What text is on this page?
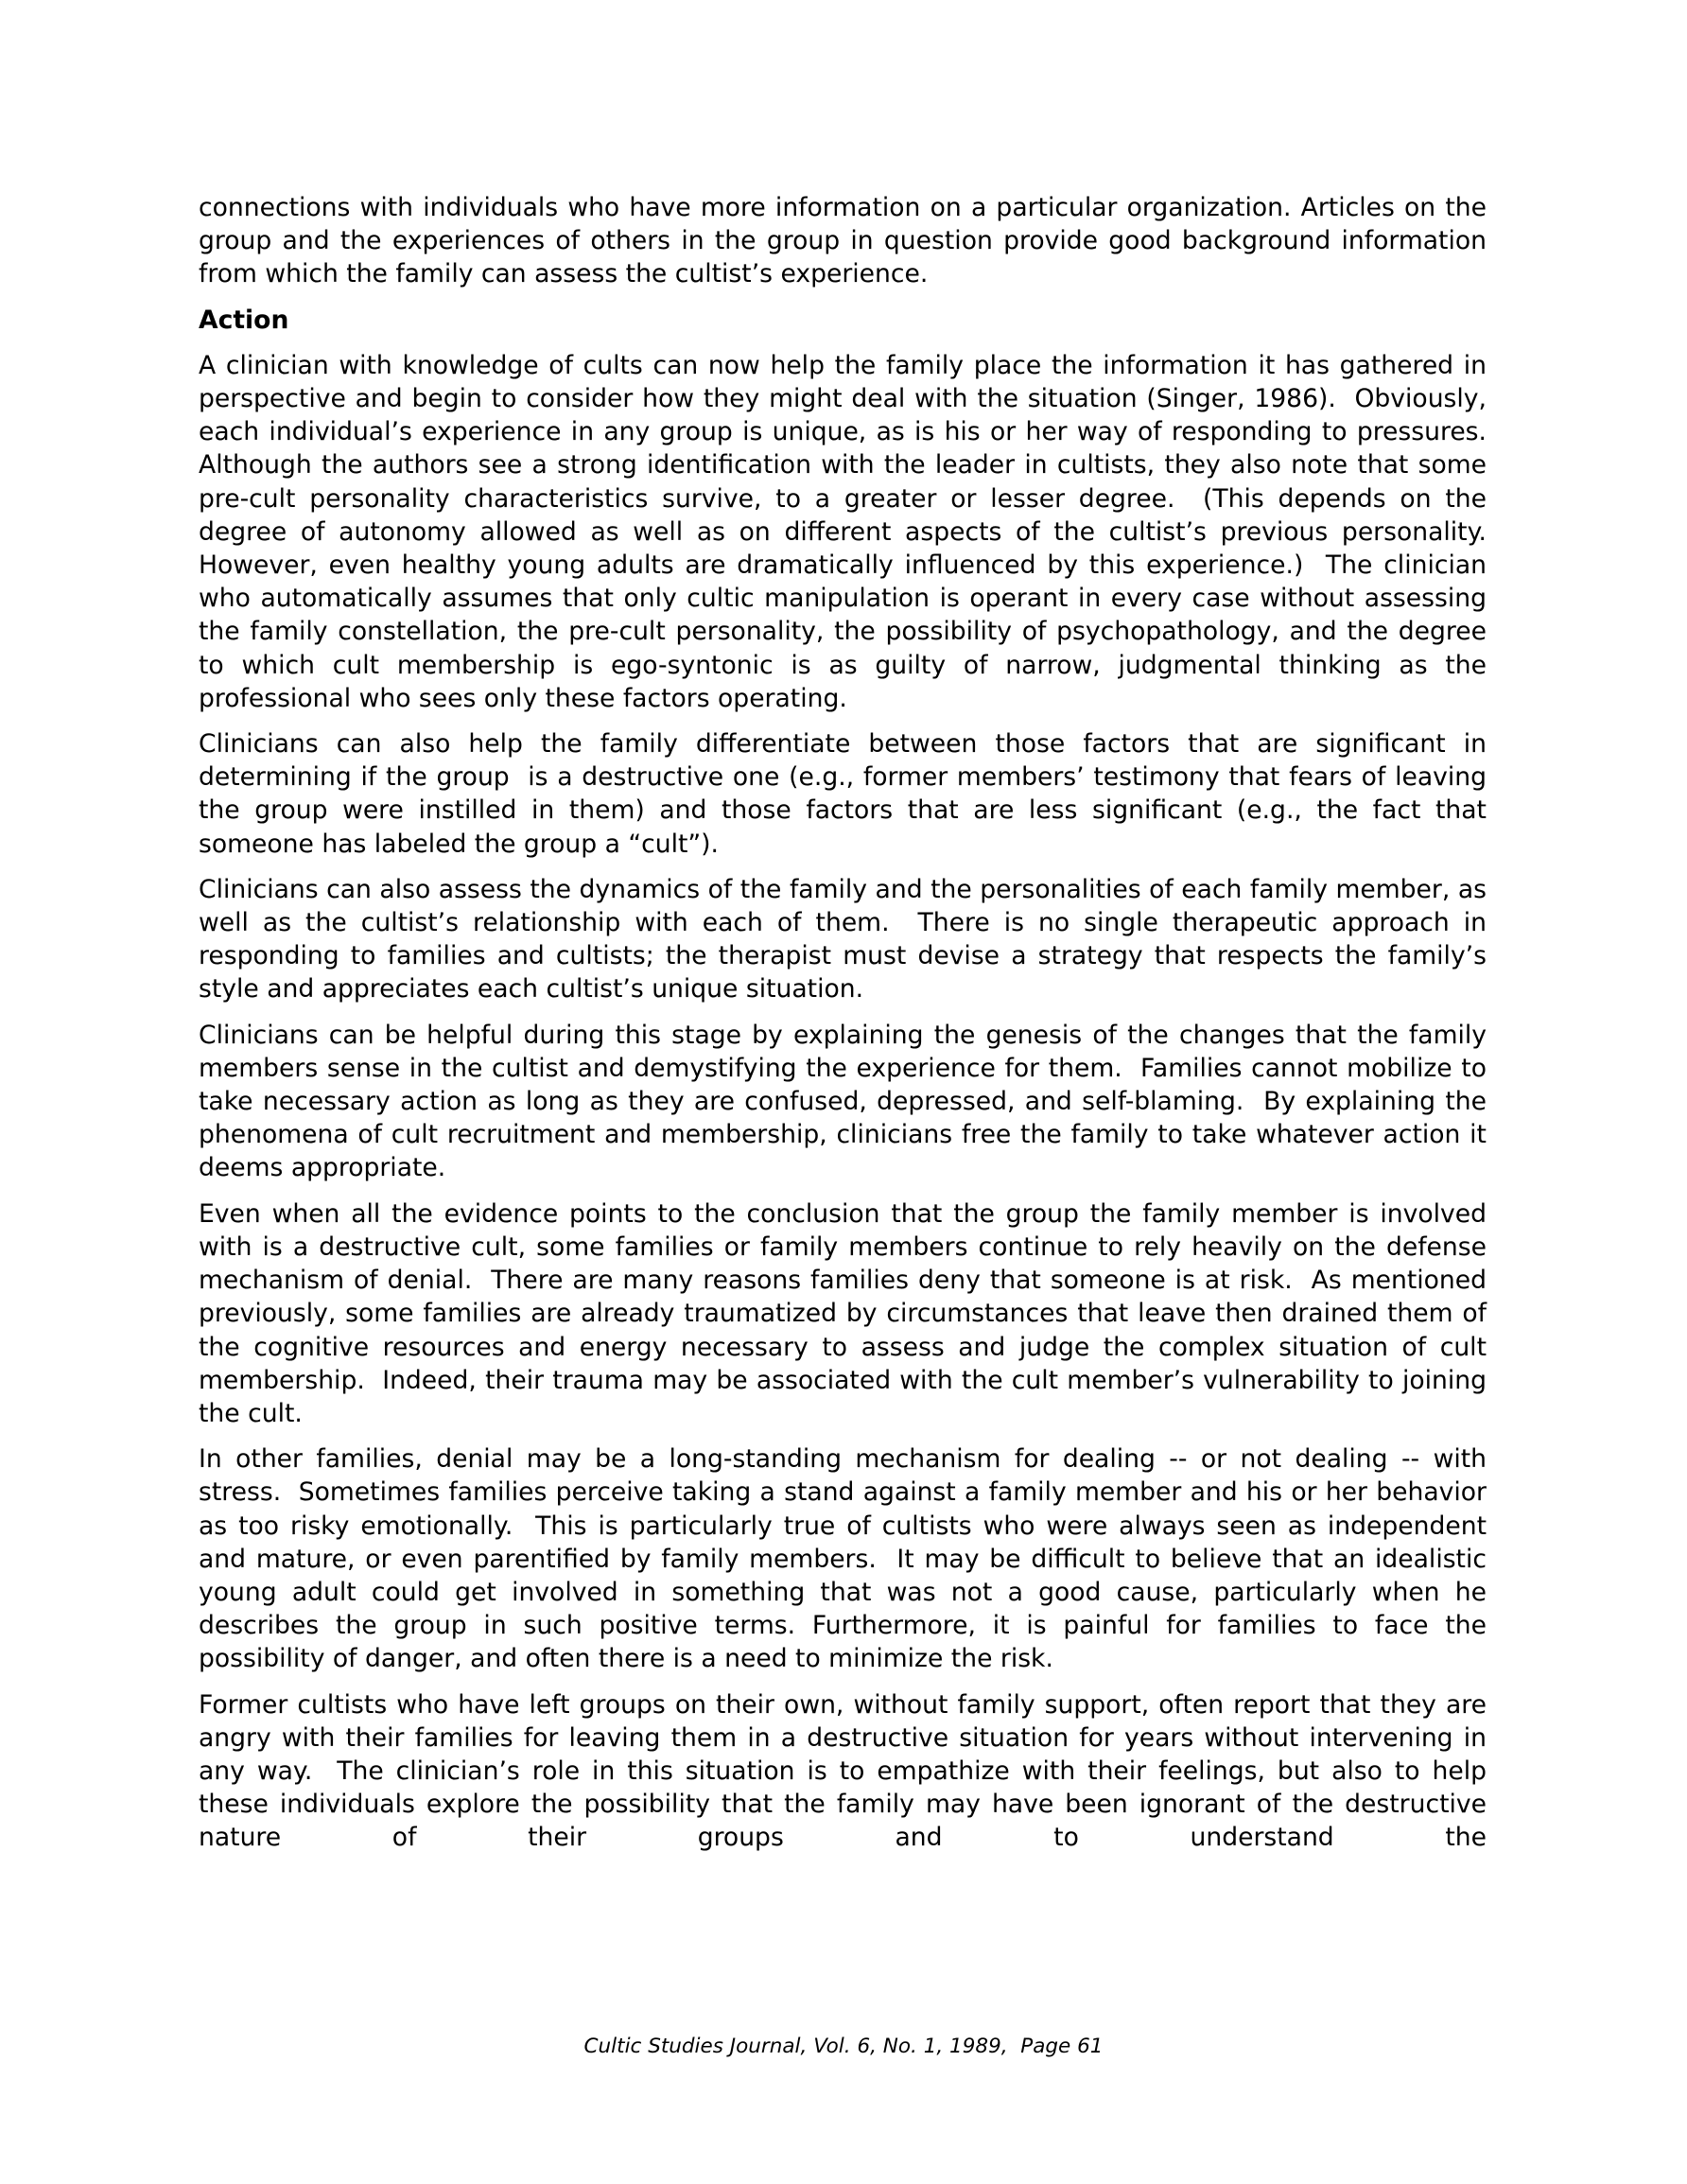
connections with individuals who have more information on a particular organization. Articles on the group and the experiences of others in the group in question provide good background information from which the family can assess the cultist’s experience.

Action

A clinician with knowledge of cults can now help the family place the information it has gathered in perspective and begin to consider how they might deal with the situation (Singer, 1986).  Obviously, each individual’s experience in any group is unique, as is his or her way of responding to pressures.  Although the authors see a strong identification with the leader in cultists, they also note that some pre-cult personality characteristics survive, to a greater or lesser degree.  (This depends on the degree of autonomy allowed as well as on different aspects of the cultist’s previous personality.  However, even healthy young adults are dramatically influenced by this experience.)  The clinician who automatically assumes that only cultic manipulation is operant in every case without assessing the family constellation, the pre-cult personality, the possibility of psychopathology, and the degree to which cult membership is ego-syntonic is as guilty of narrow, judgmental thinking as the professional who sees only these factors operating.

Clinicians can also help the family differentiate between those factors that are significant in determining if the group  is a destructive one (e.g., former members’ testimony that fears of leaving the group were instilled in them) and those factors that are less significant (e.g., the fact that someone has labeled the group a “cult”).

Clinicians can also assess the dynamics of the family and the personalities of each family member, as well as the cultist’s relationship with each of them.  There is no single therapeutic approach in responding to families and cultists; the therapist must devise a strategy that respects the family’s style and appreciates each cultist’s unique situation.

Clinicians can be helpful during this stage by explaining the genesis of the changes that the family members sense in the cultist and demystifying the experience for them.  Families cannot mobilize to take necessary action as long as they are confused, depressed, and self-blaming.  By explaining the phenomena of cult recruitment and membership, clinicians free the family to take whatever action it deems appropriate.

Even when all the evidence points to the conclusion that the group the family member is involved with is a destructive cult, some families or family members continue to rely heavily on the defense mechanism of denial.  There are many reasons families deny that someone is at risk.  As mentioned previously, some families are already traumatized by circumstances that leave then drained them of the cognitive resources and energy necessary to assess and judge the complex situation of cult membership.  Indeed, their trauma may be associated with the cult member’s vulnerability to joining the cult.

In other families, denial may be a long-standing mechanism for dealing -- or not dealing -- with stress.  Sometimes families perceive taking a stand against a family member and his or her behavior as too risky emotionally.  This is particularly true of cultists who were always seen as independent and mature, or even parentified by family members.  It may be difficult to believe that an idealistic young adult could get involved in something that was not a good cause, particularly when he describes the group in such positive terms. Furthermore, it is painful for families to face the possibility of danger, and often there is a need to minimize the risk.

Former cultists who have left groups on their own, without family support, often report that they are angry with their families for leaving them in a destructive situation for years without intervening in any way.  The clinician’s role in this situation is to empathize with their feelings, but also to help these individuals explore the possibility that the family may have been ignorant of the destructive nature of their groups and to understand the

Cultic Studies Journal, Vol. 6, No. 1, 1989,  Page 61
